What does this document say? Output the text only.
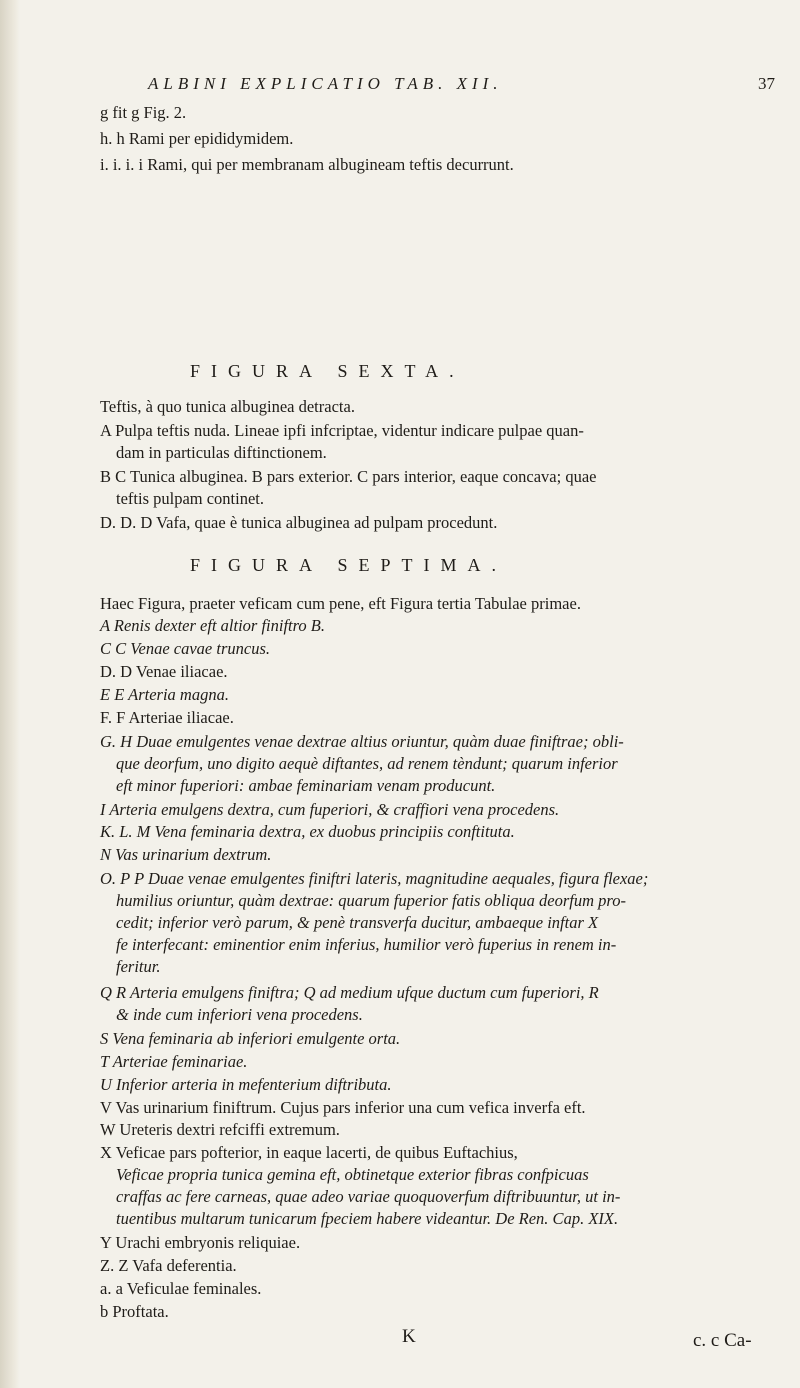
ALBINI EXPLICATIO TAB. XII.	37

g fit g Fig. 2.

h. h Rami per epididymidem.

i. i. i. i Rami, qui per membranam albugineam teftis decurrunt.

FIGURA SEXTA.

Teftis, à quo tunica albuginea detracta.

A Pulpa teftis nuda. Lineae ipfi infcriptae, videntur indicare pulpae quan-

dam in particulas diftinctionem.

B C Tunica albuginea. B pars exterior. C pars interior, eaque concava; quae

teftis pulpam continet.

D. D. D Vafa, quae è tunica albuginea ad pulpam procedunt.

FIGURA SEPTIMA.

Haec Figura, praeter veficam cum pene, eft Figura tertia Tabulae primae.

A Renis dexter eft altior finiftro B.

C C Venae cavae truncus.

D. D Venae iliacae.

E E Arteria magna.

F. F Arteriae iliacae.

G. H Duae emulgentes venae dextrae altius oriuntur, quàm duae finiftrae; obli-

que deorfum, uno digito aequè diftantes, ad renem tèndunt; quarum inferior

eft minor fuperiori: ambae feminariam venam producunt.

I Arteria emulgens dextra, cum fuperiori, & craffiori vena procedens.

K. L. M Vena feminaria dextra, ex duobus principiis conftituta.

N Vas urinarium dextrum.

O. P P Duae venae emulgentes finiftri lateris, magnitudine aequales, figura flexae;

humilius oriuntur, quàm dextrae: quarum fuperior fatis obliqua deorfum pro-

cedit; inferior verò parum, & penè transverfa ducitur, ambaeque inftar X

fe interfecant: eminentior enim inferius, humilior verò fuperius in renem in-

feritur.

Q R Arteria emulgens finiftra; Q ad medium ufque ductum cum fuperiori, R

& inde cum inferiori vena procedens.

S Vena feminaria ab inferiori emulgente orta.

T Arteriae feminariae.

U Inferior arteria in mefenterium diftributa.

V Vas urinarium finiftrum. Cujus pars inferior una cum vefica inverfa eft.

W Ureteris dextri refciffi extremum.

X Veficae pars pofterior, in eaque lacerti, de quibus Euftachius,

Veficae propria tunica gemina eft, obtinetque exterior fibras confpicuas

craffas ac fere carneas, quae adeo variae quoquoverfum diftribuuntur, ut in-

tuentibus multarum tunicarum fpeciem habere videantur. De Ren. Cap. XIX.

Y Urachi embryonis reliquiae.

Z. Z Vafa deferentia.

a. a Veficulae feminales.

b Proftata.

K	c. c Ca-
